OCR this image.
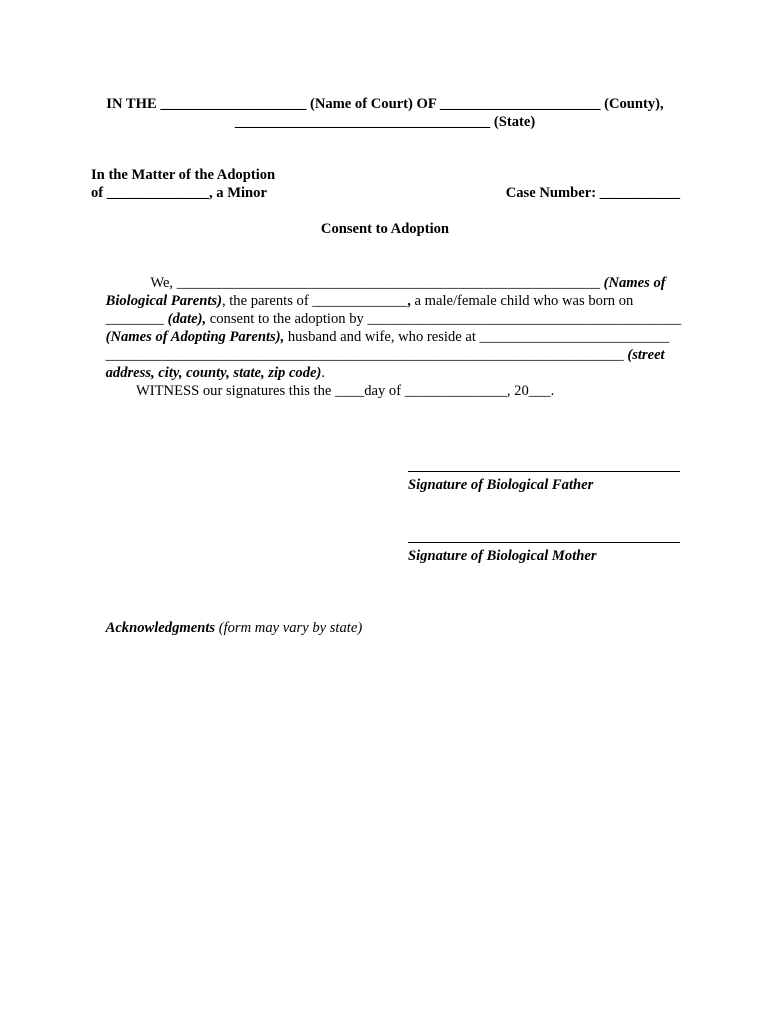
IN THE ____________________ (Name of Court) OF ______________________ (County),
___________________________________ (State)
In the Matter of the Adoption
of ______________, a Minor	Case Number: ___________
Consent to Adoption

We, __________________________________________________________ (Names of

Biological Parents), the parents of _____________, a male/female child who was born on

________ (date), consent to the adoption by ___________________________________________

(Names of Adopting Parents), husband and wife, who reside at __________________________

_______________________________________________________________________ (street

address, city, county, state, zip code).

WITNESS our signatures this the ____day of ______________, 20___.
Signature of Biological Father
Signature of Biological Mother

Acknowledgments (form may vary by state)
